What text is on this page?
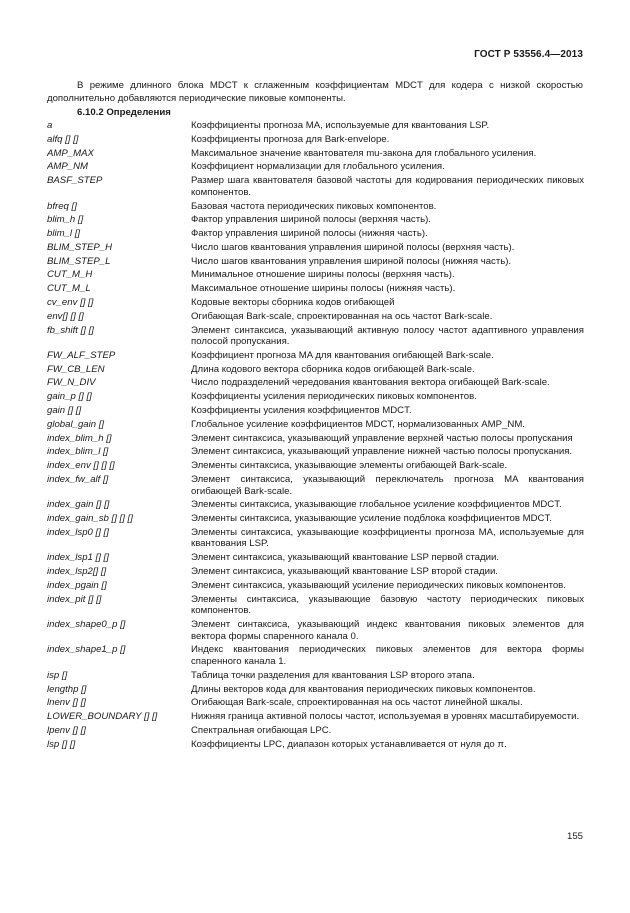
ГОСТ Р 53556.4—2013
В режиме длинного блока MDCT к сглаженным коэффициентам MDCT для кодера с низкой скоростью дополнительно добавляются периодические пиковые компоненты.
6.10.2 Определения
a	Коэффициенты прогноза MA, используемые для квантования LSP.
alfq [] []	Коэффициенты прогноза для Bark-envelope.
AMP_MAX	Максимальное значение квантователя mu-закона для глобального усиления.
AMP_NM	Коэффициент нормализации для глобального усиления.
BASF_STEP	Размер шага квантователя базовой частоты для кодирования периодических пиковых компонентов.
bfreq []	Базовая частота периодических пиковых компонентов.
blim_h []	Фактор управления шириной полосы (верхняя часть).
blim_l []	Фактор управления шириной полосы (нижняя часть).
BLIM_STEP_H	Число шагов квантования управления шириной полосы (верхняя часть).
BLIM_STEP_L	Число шагов квантования управления шириной полосы (нижняя часть).
CUT_M_H	Минимальное отношение ширины полосы (верхняя часть).
CUT_M_L	Максимальное отношение ширины полосы (нижняя часть).
cv_env [] []	Кодовые векторы сборника кодов огибающей
env[] [] []	Огибающая Bark-scale, спроектированная на ось частот Bark-scale.
fb_shift [] []	Элемент синтаксиса, указывающий активную полосу частот адаптивного управления полосой пропускания.
FW_ALF_STEP	Коэффициент прогноза MA для квантования огибающей Bark-scale.
FW_CB_LEN	Длина кодового вектора сборника кодов огибающей Bark-scale.
FW_N_DIV	Число подразделений чередования квантования вектора огибающей Bark-scale.
gain_p [] []	Коэффициенты усиления периодических пиковых компонентов.
gain [] []	Коэффициенты усиления коэффициентов MDCT.
global_gain []	Глобальное усиление коэффициентов MDCT, нормализованных AMP_NM.
index_blim_h []	Элемент синтаксиса, указывающий управление верхней частью полосы пропускания
index_blim_l []	Элемент синтаксиса, указывающий управление нижней частью полосы пропускания.
index_env [] [] []	Элементы синтаксиса, указывающие элементы огибающей Bark-scale.
index_fw_alf []	Элемент синтаксиса, указывающий переключатель прогноза MA квантования огибающей Bark-scale.
index_gain [] []	Элементы синтаксиса, указывающие глобальное усиление коэффициентов MDCT.
index_gain_sb [] [] []	Элементы синтаксиса, указывающие усиление подблока коэффициентов MDCT.
index_lsp0 [] []	Элементы синтаксиса, указывающие коэффициенты прогноза MA, используемые для квантования LSP.
index_lsp1 [] []	Элемент синтаксиса, указывающий квантование LSP первой стадии.
index_lsp2[] []	Элемент синтаксиса, указывающий квантование LSP второй стадии.
index_pgain []	Элемент синтаксиса, указывающий усиление периодических пиковых компонентов.
index_pit [] []	Элементы синтаксиса, указывающие базовую частоту периодических пиковых компонентов.
index_shape0_p []	Элемент синтаксиса, указывающий индекс квантования пиковых элементов для вектора формы спаренного канала 0.
index_shape1_p []	Индекс квантования периодических пиковых элементов для вектора формы спаренного канала 1.
isp []	Таблица точки разделения для квантования LSP второго этапа.
lengthp []	Длины векторов кода для квантования периодических пиковых компонентов.
lnenv [] []	Огибающая Bark-scale, спроектированная на ось частот линейной шкалы.
LOWER_BOUNDARY [] []	Нижняя граница активной полосы частот, используемая в уровнях масштабируемости.
lpenv [] []	Спектральная огибающая LPC.
lsp [] []	Коэффициенты LPC, диапазон которых устанавливается от нуля до π.
155
